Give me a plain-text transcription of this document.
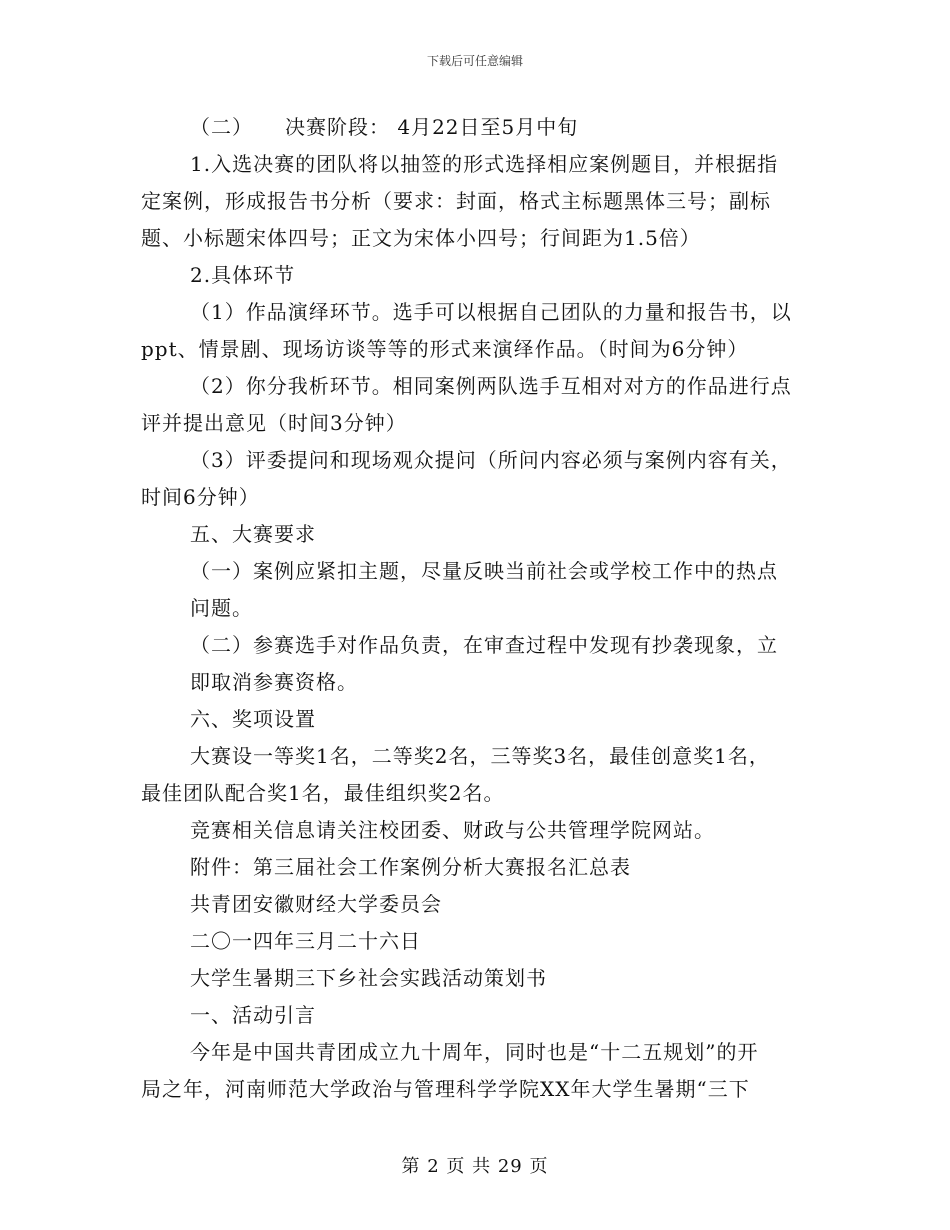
下载后可任意编辑
（二）　　决赛阶段： 4月22日至5月中旬
1.入选决赛的团队将以抽签的形式选择相应案例题目，并根据指
定案例，形成报告书分析（要求：封面，格式主标题黑体三号；副标
题、小标题宋体四号；正文为宋体小四号；行间距为1.5倍）
2.具体环节
（1）作品演绎环节。选手可以根据自己团队的力量和报告书，以
ppt、情景剧、现场访谈等等的形式来演绎作品。（时间为6分钟）
（2）你分我析环节。相同案例两队选手互相对对方的作品进行点
评并提出意见（时间3分钟）
（3）评委提问和现场观众提问（所问内容必须与案例内容有关，
时间6分钟）
五、大赛要求
（一）案例应紧扣主题，尽量反映当前社会或学校工作中的热点
问题。
（二）参赛选手对作品负责，在审查过程中发现有抄袭现象，立
即取消参赛资格。
六、奖项设置
大赛设一等奖1名，二等奖2名，三等奖3名，最佳创意奖1名，
最佳团队配合奖1名，最佳组织奖2名。
竞赛相关信息请关注校团委、财政与公共管理学院网站。
附件：第三届社会工作案例分析大赛报名汇总表
共青团安徽财经大学委员会
二〇一四年三月二十六日
大学生暑期三下乡社会实践活动策划书
一、活动引言
今年是中国共青团成立九十周年，同时也是“十二五规划”的开
局之年，河南师范大学政治与管理科学学院XX年大学生暑期“三下
第 2 页 共 29 页
